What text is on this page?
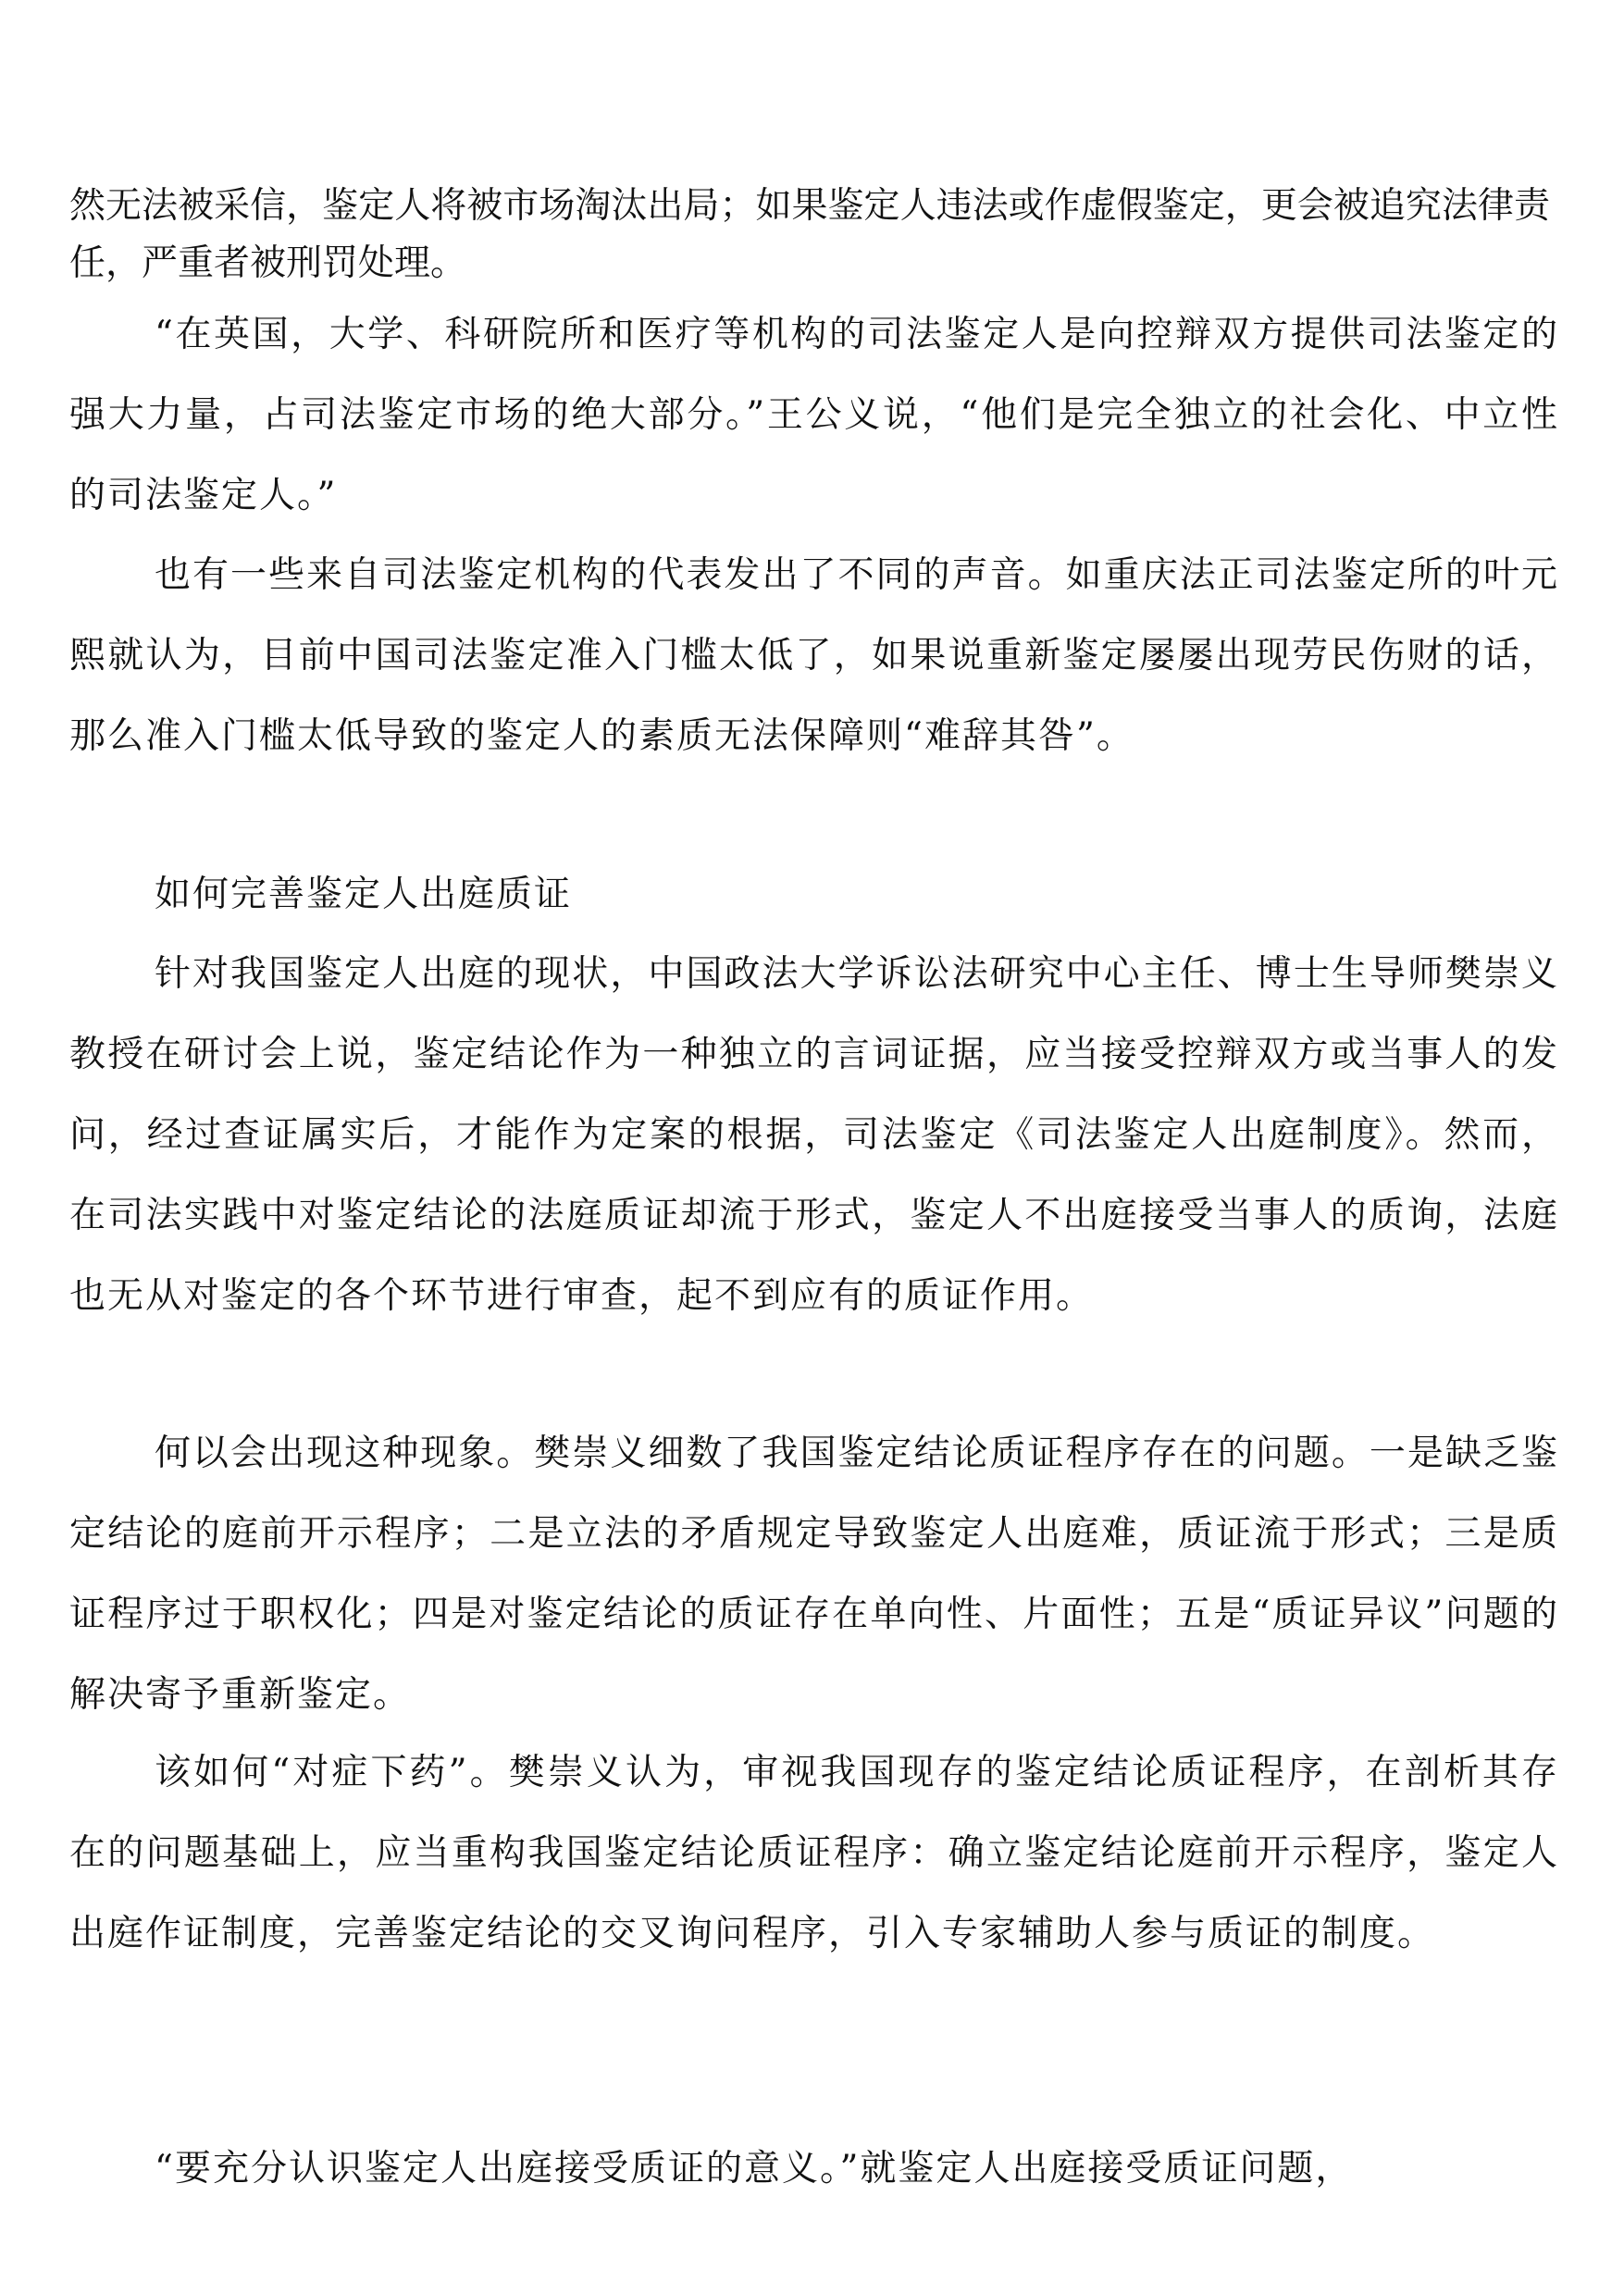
然无法被采信，鉴定人将被市场淘汰出局；如果鉴定人违法或作虚假鉴定，更会被追究法律责任，严重者被刑罚处理。

“在英国，大学、科研院所和医疗等机构的司法鉴定人是向控辩双方提供司法鉴定的强大力量，占司法鉴定市场的绝大部分。”王公义说，“他们是完全独立的社会化、中立性的司法鉴定人。”

也有一些来自司法鉴定机构的代表发出了不同的声音。如重庆法正司法鉴定所的叶元熙就认为，目前中国司法鉴定准入门槛太低了，如果说重新鉴定屡屡出现劳民伤财的话，那么准入门槛太低导致的鉴定人的素质无法保障则“难辞其咎”。

如何完善鉴定人出庭质证

针对我国鉴定人出庭的现状，中国政法大学诉讼法研究中心主任、博士生导师樊崇义教授在研讨会上说，鉴定结论作为一种独立的言词证据，应当接受控辩双方或当事人的发问，经过查证属实后，才能作为定案的根据，司法鉴定《司法鉴定人出庭制度》。然而，在司法实践中对鉴定结论的法庭质证却流于形式，鉴定人不出庭接受当事人的质询，法庭也无从对鉴定的各个环节进行审查，起不到应有的质证作用。

何以会出现这种现象。樊崇义细数了我国鉴定结论质证程序存在的问题。一是缺乏鉴定结论的庭前开示程序；二是立法的矛盾规定导致鉴定人出庭难，质证流于形式；三是质证程序过于职权化；四是对鉴定结论的质证存在单向性、片面性；五是“质证异议”问题的解决寄予重新鉴定。

该如何“对症下药”。樊崇义认为，审视我国现存的鉴定结论质证程序，在剖析其存在的问题基础上，应当重构我国鉴定结论质证程序：确立鉴定结论庭前开示程序，鉴定人出庭作证制度，完善鉴定结论的交叉询问程序，引入专家辅助人参与质证的制度。

“要充分认识鉴定人出庭接受质证的意义。”就鉴定人出庭接受质证问题，
